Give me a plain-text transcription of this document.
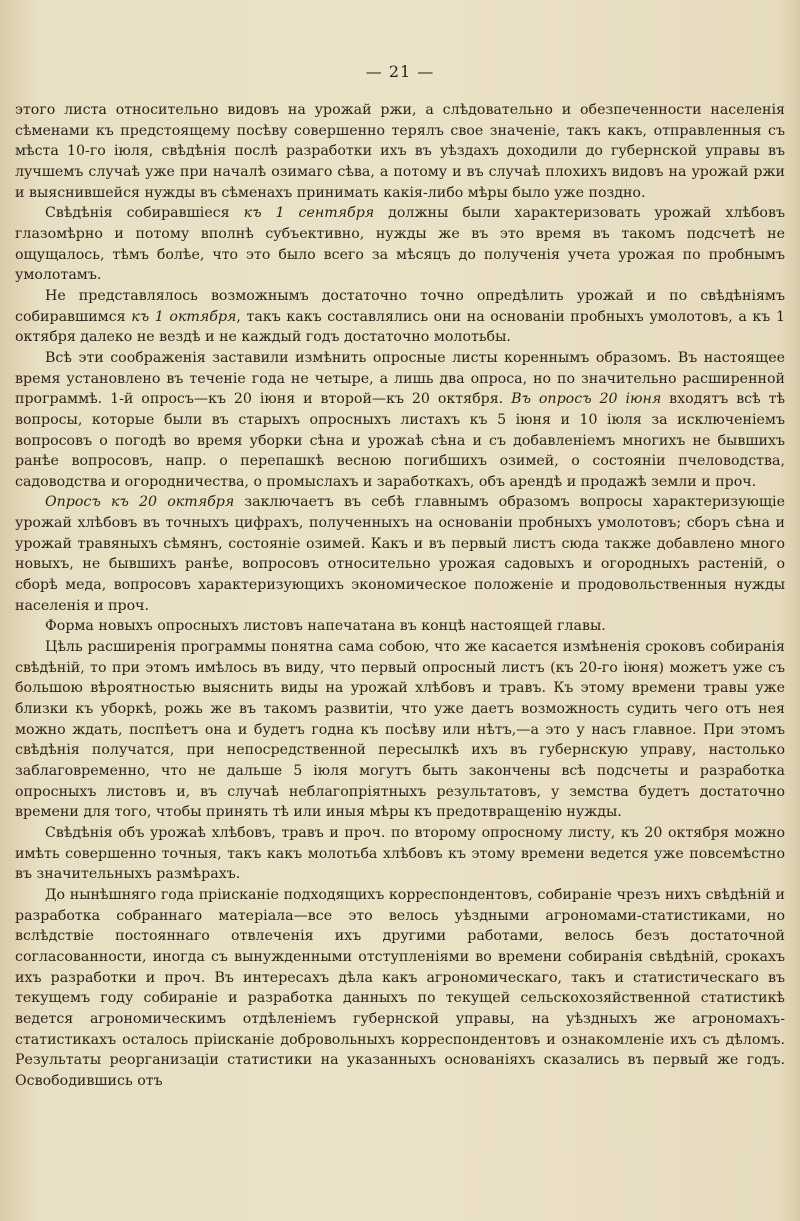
— 21 —

этого листа относительно видовъ на урожай ржи, а слѣдовательно и обезпеченности населенія сѣменами къ предстоящему посѣву совершенно терялъ свое значеніе, такъ какъ, отправленныя съ мѣста 10-го іюля, свѣдѣнія послѣ разработки ихъ въ уѣздахъ доходили до губернской управы въ лучшемъ случаѣ уже при началѣ озимаго сѣва, а потому и въ случаѣ плохихъ видовъ на урожай ржи и выяснившейся нужды въ сѣменахъ принимать какія-либо мѣры было уже поздно.

Свѣдѣнія собиравшіеся къ 1 сентября должны были характеризовать урожай хлѣбовъ глазомѣрно и потому вполнѣ субъективно, нужды же въ это время въ такомъ подсчетѣ не ощущалось, тѣмъ болѣе, что это было всего за мѣсяцъ до полученія учета урожая по пробнымъ умолотамъ.

Не представлялось возможнымъ достаточно точно опредѣлить урожай и по свѣдѣніямъ собиравшимся къ 1 октября, такъ какъ составлялись они на основаніи пробныхъ умолотовъ, а къ 1 октября далеко не вездѣ и не каждый годъ достаточно молотьбы.

Всѣ эти соображенія заставили измѣнить опросные листы кореннымъ образомъ. Въ настоящее время установлено въ теченіе года не четыре, а лишь два опроса, но по значительно расширенной программѣ. 1-й опросъ—къ 20 іюня и второй—къ 20 октября. Въ опросъ 20 іюня входятъ всѣ тѣ вопросы, которые были въ старыхъ опросныхъ листахъ къ 5 іюня и 10 іюля за исключеніемъ вопросовъ о погодѣ во время уборки сѣна и урожаѣ сѣна и съ добавленіемъ многихъ не бывшихъ ранѣе вопросовъ, напр. о перепашкѣ весною погибшихъ озимей, о состояніи пчеловодства, садоводства и огородничества, о промыслахъ и заработкахъ, объ арендѣ и продажѣ земли и проч.

Опросъ къ 20 октября заключаетъ въ себѣ главнымъ образомъ вопросы характеризующіе урожай хлѣбовъ въ точныхъ цифрахъ, полученныхъ на основаніи пробныхъ умолотовъ; сборъ сѣна и урожай травяныхъ сѣмянъ, состояніе озимей. Какъ и въ первый листъ сюда также добавлено много новыхъ, не бывшихъ ранѣе, вопросовъ относительно урожая садовыхъ и огородныхъ растеній, о сборѣ меда, вопросовъ характеризующихъ экономическое положеніе и продовольственныя нужды населенія и проч.

Форма новыхъ опросныхъ листовъ напечатана въ концѣ настоящей главы.

Цѣль расширенія программы понятна сама собою, что же касается измѣненія сроковъ собиранія свѣдѣній, то при этомъ имѣлось въ виду, что первый опросный листъ (къ 20-го іюня) можетъ уже съ большою вѣроятностью выяснить виды на урожай хлѣбовъ и травъ. Къ этому времени травы уже близки къ уборкѣ, рожь же въ такомъ развитіи, что уже даетъ возможность судить чего отъ нея можно ждать, поспѣетъ она и будетъ годна къ посѣву или нѣтъ,—а это у насъ главное. При этомъ свѣдѣнія получатся, при непосредственной пересылкѣ ихъ въ губернскую управу, настолько заблаговременно, что не дальше 5 іюля могутъ быть закончены всѣ подсчеты и разработка опросныхъ листовъ и, въ случаѣ неблагопріятныхъ результатовъ, у земства будетъ достаточно времени для того, чтобы принять тѣ или иныя мѣры къ предотвращенію нужды.

Свѣдѣнія объ урожаѣ хлѣбовъ, травъ и проч. по второму опросному листу, къ 20 октября можно имѣть совершенно точныя, такъ какъ молотьба хлѣбовъ къ этому времени ведется уже повсемѣстно въ значительныхъ размѣрахъ.

До нынѣшняго года пріисканіе подходящихъ корреспондентовъ, собираніе чрезъ нихъ свѣдѣній и разработка собраннаго матеріала—все это велось уѣздными агрономами-статистиками, но вслѣдствіе постояннаго отвлеченія ихъ другими работами, велось безъ достаточной согласованности, иногда съ вынужденными отступленіями во времени собиранія свѣдѣній, срокахъ ихъ разработки и проч. Въ интересахъ дѣла какъ агрономическаго, такъ и статистическаго въ текущемъ году собираніе и разработка данныхъ по текущей сельскохозяйственной статистикѣ ведется агрономическимъ отдѣленіемъ губернской управы, на уѣздныхъ же агрономахъ-статистикахъ осталось пріисканіе добровольныхъ корреспондентовъ и ознакомленіе ихъ съ дѣломъ. Результаты реорганизаціи статистики на указанныхъ основаніяхъ сказались въ первый же годъ. Освободившись отъ
